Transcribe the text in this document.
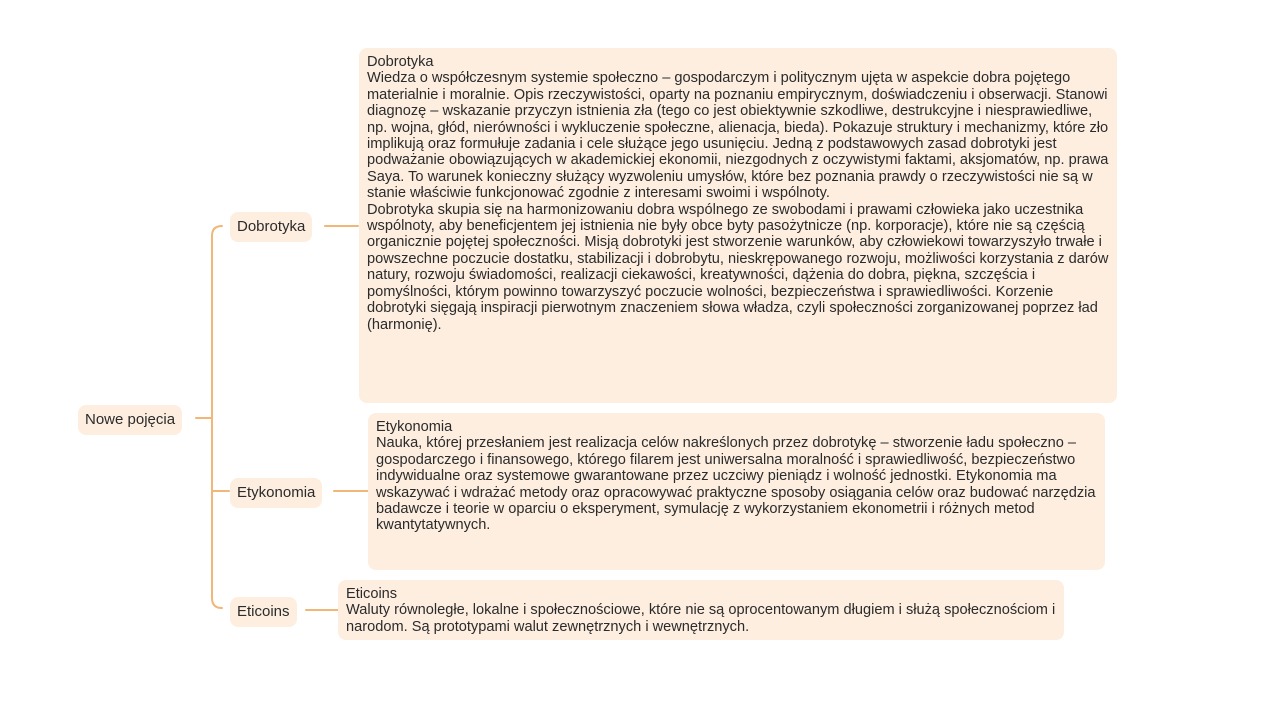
Nowe pojęcia
Dobrotyka
Etykonomia
Eticoins
Dobrotyka

Wiedza o współczesnym systemie społeczno – gospodarczym i politycznym ujęta w aspekcie dobra pojętego materialnie i moralnie. Opis rzeczywistości, oparty na poznaniu empirycznym, doświadczeniu i obserwacji. Stanowi diagnozę – wskazanie przyczyn istnienia zła (tego co jest obiektywnie szkodliwe, destrukcyjne i niesprawiedliwe, np. wojna, głód, nierówności i wykluczenie społeczne, alienacja, bieda). Pokazuje struktury i mechanizmy, które zło implikują oraz formułuje zadania i cele służące jego usunięciu. Jedną z podstawowych zasad dobrotyki jest podważanie obowiązujących w akademickiej ekonomii, niezgodnych z oczywistymi faktami, aksjomatów, np. prawa Saya. To warunek konieczny służący wyzwoleniu umysłów, które bez poznania prawdy o rzeczywistości nie są w stanie właściwie funkcjonować zgodnie z interesami swoimi i wspólnoty.

Dobrotyka skupia się na harmonizowaniu dobra wspólnego ze swobodami i prawami człowieka jako uczestnika wspólnoty, aby beneficjentem jej istnienia nie były obce byty pasożytnicze (np. korporacje), które nie są częścią organicznie pojętej społeczności. Misją dobrotyki jest stworzenie warunków, aby człowiekowi towarzyszyło trwałe i powszechne poczucie dostatku, stabilizacji i dobrobytu, nieskrępowanego rozwoju, możliwości korzystania z darów natury, rozwoju świadomości, realizacji ciekawości, kreatywności, dążenia do dobra, piękna, szczęścia i pomyślności, którym powinno towarzyszyć poczucie wolności, bezpieczeństwa i sprawiedliwości. Korzenie dobrotyki sięgają inspiracji pierwotnym znaczeniem słowa władza, czyli społeczności zorganizowanej poprzez ład (harmonię).

Etykonomia

Nauka, której przesłaniem jest realizacja celów nakreślonych przez dobrotykę – stworzenie ładu społeczno – gospodarczego i finansowego, którego filarem jest uniwersalna moralność i sprawiedliwość, bezpieczeństwo indywidualne oraz systemowe gwarantowane przez uczciwy pieniądz i wolność jednostki. Etykonomia ma wskazywać i wdrażać metody oraz opracowywać praktyczne sposoby osiągania celów oraz budować narzędzia badawcze i teorie w oparciu o eksperyment, symulację z wykorzystaniem ekonometrii i różnych metod kwantytatywnych.

Eticoins

Waluty równoległe, lokalne i społecznościowe, które nie są oprocentowanym długiem i służą społecznościom i narodom. Są prototypami walut zewnętrznych i wewnętrznych.
